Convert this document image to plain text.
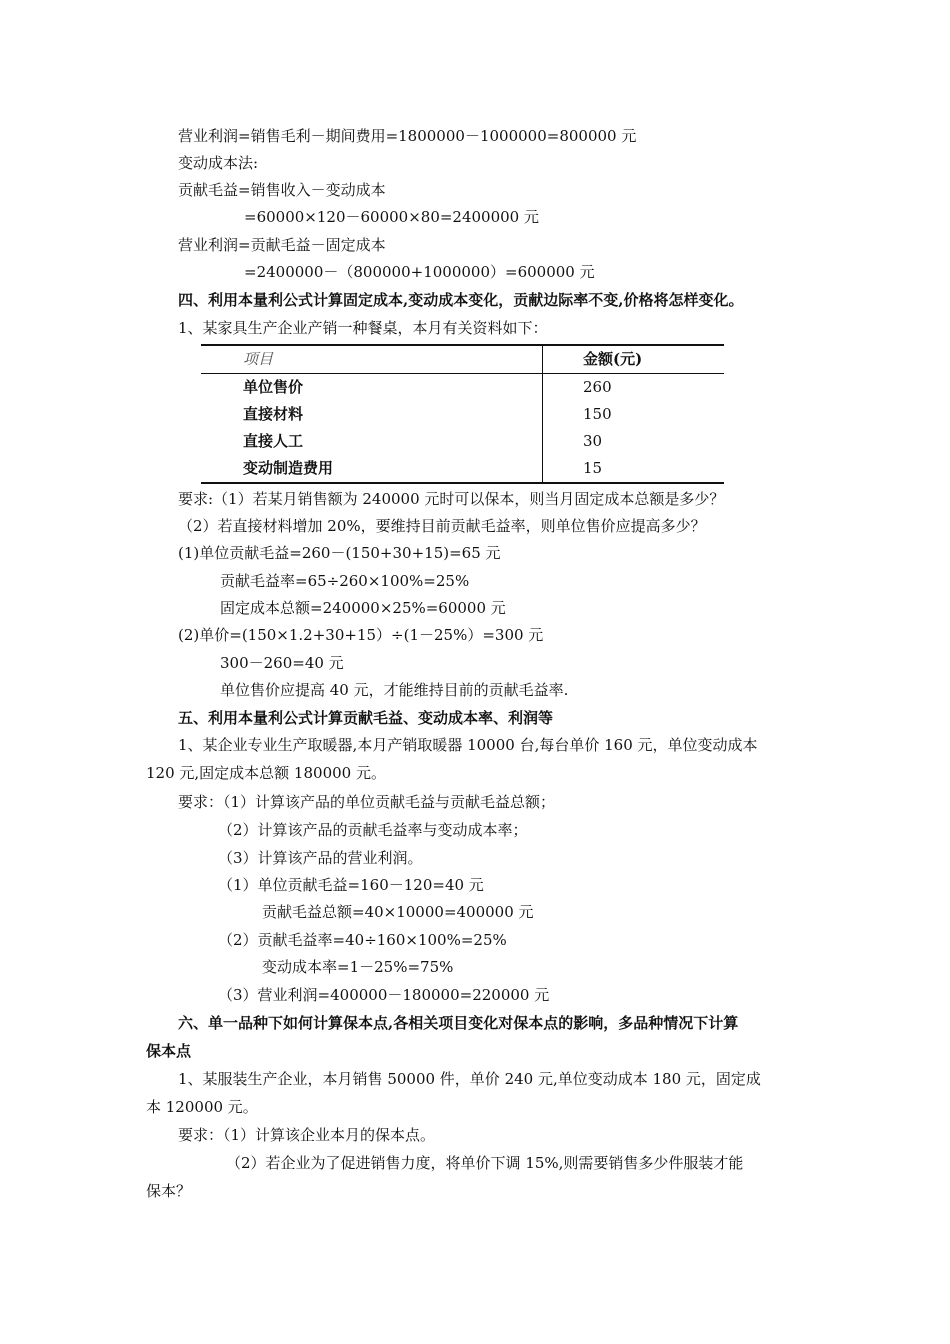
营业利润=销售毛利－期间费用=1800000－1000000=800000 元
变动成本法:
贡献毛益=销售收入－变动成本
=60000×120－60000×80=2400000 元
营业利润=贡献毛益－固定成本
=2400000－（800000+1000000）=600000 元
四、利用本量利公式计算固定成本,变动成本变化，贡献边际率不变,价格将怎样变化。
1、某家具生产企业产销一种餐桌，本月有关资料如下：
项目	金额(元)
单位售价	260
直接材料	150
直接人工	30
变动制造费用	15
要求:（1）若某月销售额为 240000 元时可以保本，则当月固定成本总额是多少？
（2）若直接材料增加 20%，要维持目前贡献毛益率，则单位售价应提高多少？
(1)单位贡献毛益=260－(150+30+15)=65 元
贡献毛益率=65÷260×100%=25%
固定成本总额=240000×25%=60000 元
(2)单价=(150×1.2+30+15）÷(1－25%）=300 元
300－260=40 元
单位售价应提高 40 元，才能维持目前的贡献毛益率.
五、利用本量利公式计算贡献毛益、变动成本率、利润等
1、某企业专业生产取暖器,本月产销取暖器 10000 台,每台单价 160 元，单位变动成本
120 元,固定成本总额 180000 元。
要求：（1）计算该产品的单位贡献毛益与贡献毛益总额；
（2）计算该产品的贡献毛益率与变动成本率；
（3）计算该产品的营业利润。
（1）单位贡献毛益=160－120=40 元
贡献毛益总额=40×10000=400000 元
（2）贡献毛益率=40÷160×100%=25%
变动成本率=1－25%=75%
（3）营业利润=400000－180000=220000 元
六、单一品种下如何计算保本点,各相关项目变化对保本点的影响，多品种情况下计算
保本点
1、某服装生产企业，本月销售 50000 件，单价 240 元,单位变动成本 180 元，固定成
本 120000 元。
要求：（1）计算该企业本月的保本点。
（2）若企业为了促进销售力度，将单价下调 15%,则需要销售多少件服装才能
保本？
